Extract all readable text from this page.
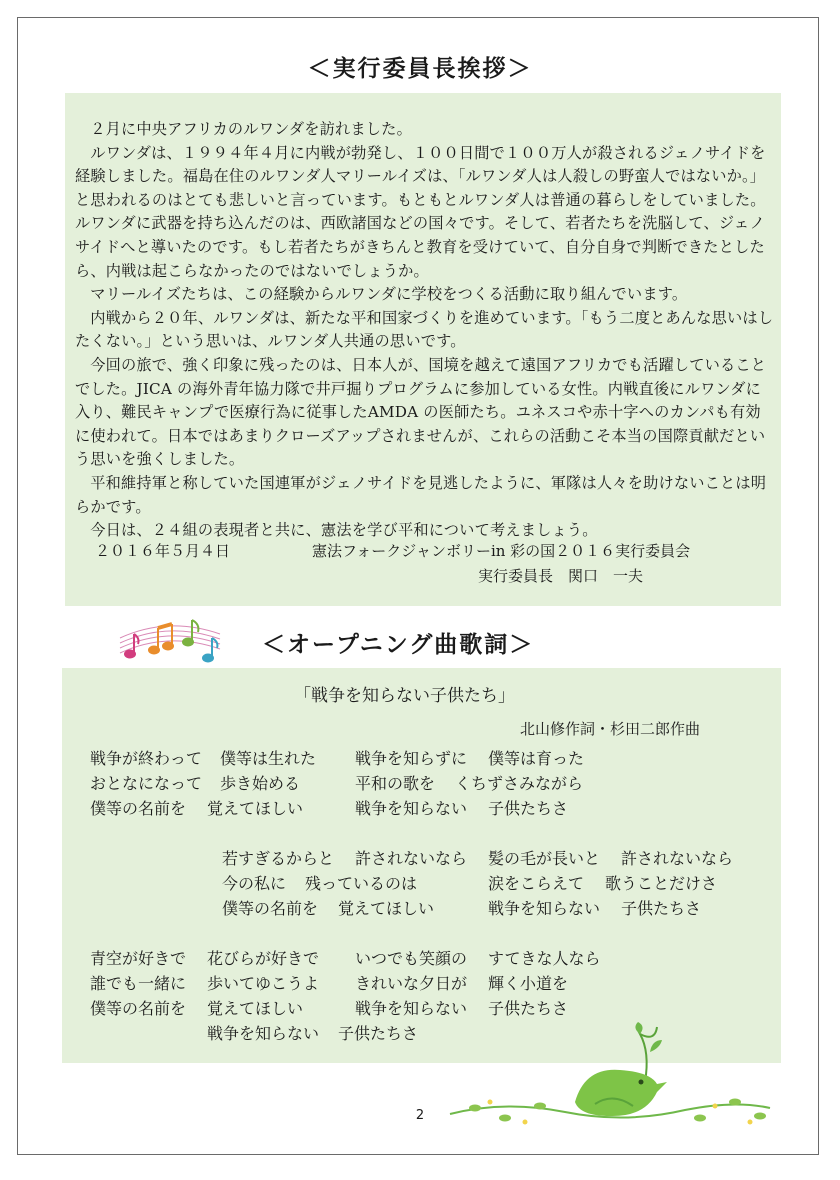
＜実行委員長挨拶＞

２月に中央アフリカのルワンダを訪れました。

ルワンダは、１９９４年４月に内戦が勃発し、１００日間で１００万人が殺されるジェノサイドを経験しました。福島在住のルワンダ人マリールイズは、「ルワンダ人は人殺しの野蛮人ではないか。」と思われるのはとても悲しいと言っています。もともとルワンダ人は普通の暮らしをしていました。ルワンダに武器を持ち込んだのは、西欧諸国などの国々です。そして、若者たちを洗脳して、ジェノサイドへと導いたのです。もし若者たちがきちんと教育を受けていて、自分自身で判断できたとしたら、内戦は起こらなかったのではないでしょうか。

マリールイズたちは、この経験からルワンダに学校をつくる活動に取り組んでいます。

内戦から２０年、ルワンダは、新たな平和国家づくりを進めています。「もう二度とあんな思いはしたくない。」という思いは、ルワンダ人共通の思いです。

今回の旅で、強く印象に残ったのは、日本人が、国境を越えて遠国アフリカでも活躍していることでした。JICA の海外青年協力隊で井戸掘りプログラムに参加している女性。内戦直後にルワンダに入り、難民キャンプで医療行為に従事したAMDA の医師たち。ユネスコや赤十字へのカンパも有効に使われて。日本ではあまりクローズアップされませんが、これらの活動こそ本当の国際貢献だという思いを強くしました。

平和維持軍と称していた国連軍がジェノサイドを見逃したように、軍隊は人々を助けないことは明らかです。

今日は、２４組の表現者と共に、憲法を学び平和について考えましょう。

２０１６年５月４日	憲法フォークジャンボリーin 彩の国２０１６実行委員会
実行委員長　関口　一夫
＜オープニング曲歌詞＞
「戦争を知らない子供たち」
北山修作詞・杉田二郎作曲
戦争が終わって 僕等は生れた 戦争を知らずに 僕等は育った
おとなになって 歩き始める	平和の歌を くちずさみながら
僕等の名前を 覚えてほしい	戦争を知らない 子供たちさ
若すぎるからと 許されないなら 髪の毛が長いと 許されないなら
今の私に 残っているのは	涙をこらえて 歌うことだけさ
僕等の名前を 覚えてほしい	戦争を知らない 子供たちさ
青空が好きで 花びらが好きで いつでも笑顔の すてきな人なら
誰でも一緒に 歩いてゆこうよ きれいな夕日が 輝く小道を
僕等の名前を 覚えてほしい	戦争を知らない 子供たちさ
戦争を知らない 子供たちさ
2
